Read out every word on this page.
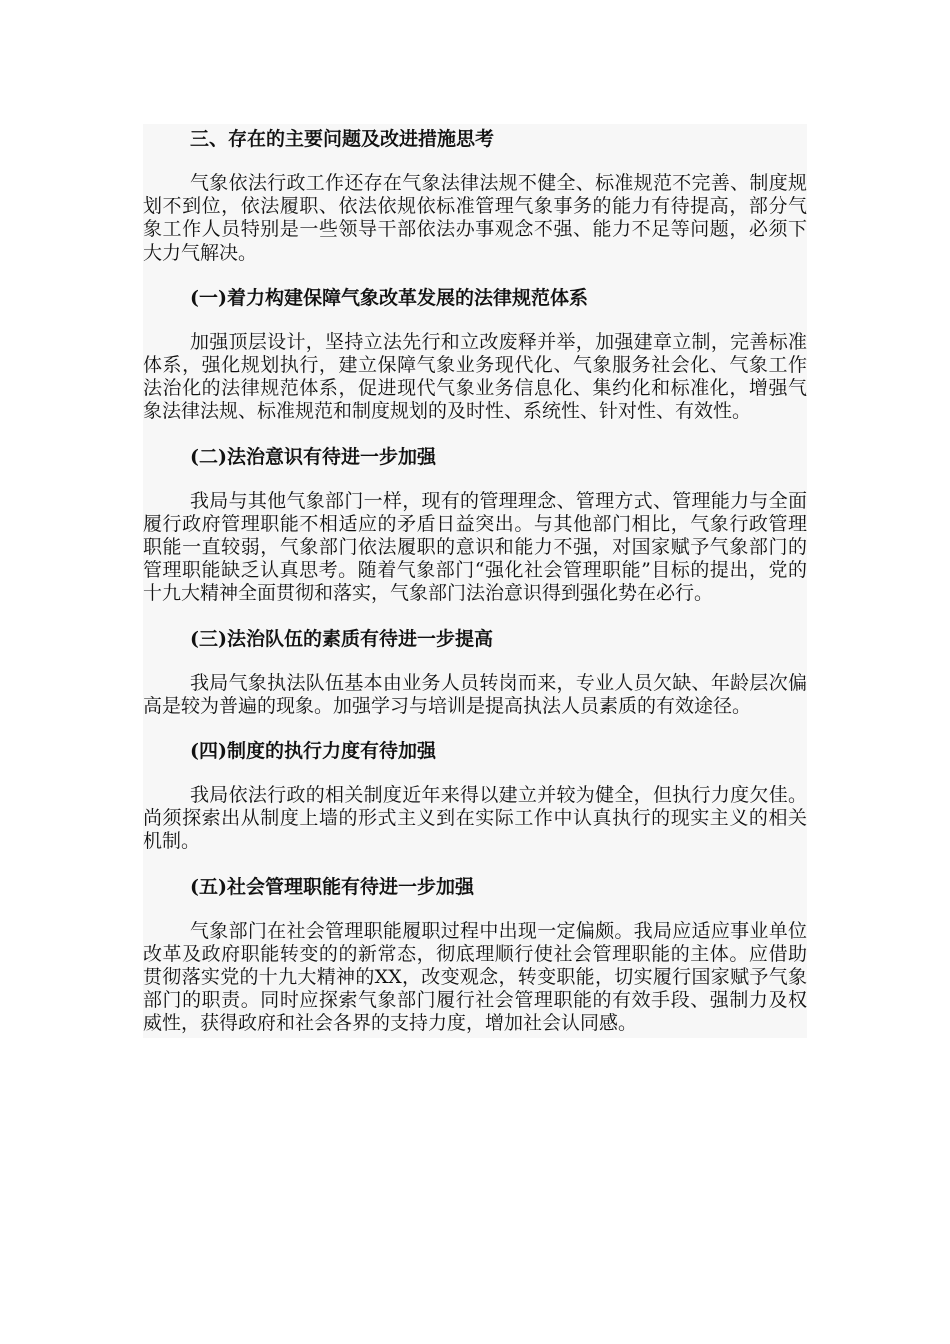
三、存在的主要问题及改进措施思考

气象依法行政工作还存在气象法律法规不健全、标准规范不完善、制度规划不到位，依法履职、依法依规依标准管理气象事务的能力有待提高，部分气象工作人员特别是一些领导干部依法办事观念不强、能力不足等问题，必须下大力气解决。

(一)着力构建保障气象改革发展的法律规范体系

加强顶层设计，坚持立法先行和立改废释并举，加强建章立制，完善标准体系，强化规划执行，建立保障气象业务现代化、气象服务社会化、气象工作法治化的法律规范体系，促进现代气象业务信息化、集约化和标准化，增强气象法律法规、标准规范和制度规划的及时性、系统性、针对性、有效性。

(二)法治意识有待进一步加强

我局与其他气象部门一样，现有的管理理念、管理方式、管理能力与全面履行政府管理职能不相适应的矛盾日益突出。与其他部门相比，气象行政管理职能一直较弱，气象部门依法履职的意识和能力不强，对国家赋予气象部门的管理职能缺乏认真思考。随着气象部门“强化社会管理职能”目标的提出，党的十九大精神全面贯彻和落实，气象部门法治意识得到强化势在必行。

(三)法治队伍的素质有待进一步提高

我局气象执法队伍基本由业务人员转岗而来，专业人员欠缺、年龄层次偏高是较为普遍的现象。加强学习与培训是提高执法人员素质的有效途径。

(四)制度的执行力度有待加强

我局依法行政的相关制度近年来得以建立并较为健全，但执行力度欠佳。尚须探索出从制度上墙的形式主义到在实际工作中认真执行的现实主义的相关机制。

(五)社会管理职能有待进一步加强

气象部门在社会管理职能履职过程中出现一定偏颇。我局应适应事业单位改革及政府职能转变的的新常态，彻底理顺行使社会管理职能的主体。应借助贯彻落实党的十九大精神的XX，改变观念，转变职能，切实履行国家赋予气象部门的职责。同时应探索气象部门履行社会管理职能的有效手段、强制力及权威性，获得政府和社会各界的支持力度，增加社会认同感。
